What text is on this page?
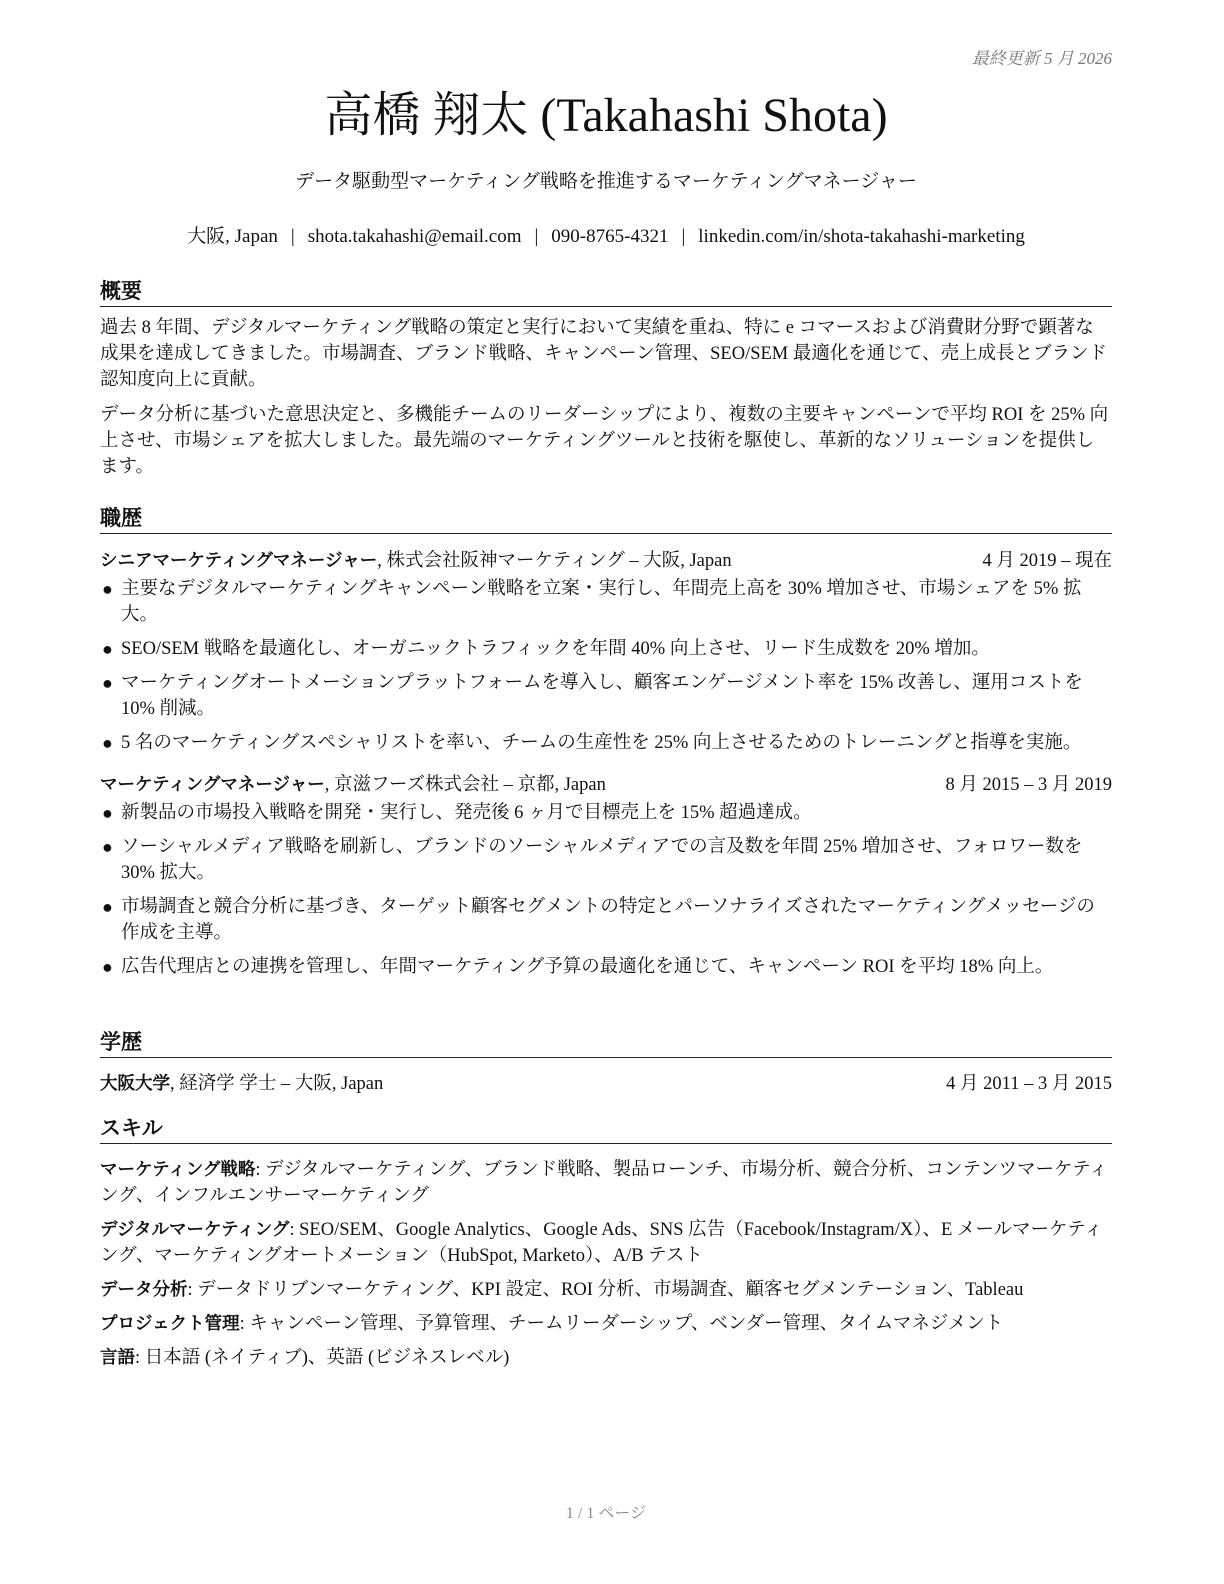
最終更新 5 月 2026
高橋 翔太 (Takahashi Shota)
データ駆動型マーケティング戦略を推進するマーケティングマネージャー
大阪, Japan | shota.takahashi@email.com | 090-8765-4321 | linkedin.com/in/shota-takahashi-marketing
概要

過去 8 年間、デジタルマーケティング戦略の策定と実行において実績を重ね、特に e コマースおよび消費財分野で顕著な成果を達成してきました。市場調査、ブランド戦略、キャンペーン管理、SEO/SEM 最適化を通じて、売上成長とブランド認知度向上に貢献。

データ分析に基づいた意思決定と、多機能チームのリーダーシップにより、複数の主要キャンペーンで平均 ROI を 25% 向上させ、市場シェアを拡大しました。最先端のマーケティングツールと技術を駆使し、革新的なソリューションを提供します。

職歴
シニアマーケティングマネージャー, 株式会社阪神マーケティング – 大阪, Japan	4 月 2019 – 現在
● 主要なデジタルマーケティングキャンペーン戦略を立案・実行し、年間売上高を 30% 増加させ、市場シェアを 5% 拡大。
● SEO/SEM 戦略を最適化し、オーガニックトラフィックを年間 40% 向上させ、リード生成数を 20% 増加。
● マーケティングオートメーションプラットフォームを導入し、顧客エンゲージメント率を 15% 改善し、運用コストを 10% 削減。
● 5 名のマーケティングスペシャリストを率い、チームの生産性を 25% 向上させるためのトレーニングと指導を実施。
マーケティングマネージャー, 京滋フーズ株式会社 – 京都, Japan	8 月 2015 – 3 月 2019
● 新製品の市場投入戦略を開発・実行し、発売後 6 ヶ月で目標売上を 15% 超過達成。
● ソーシャルメディア戦略を刷新し、ブランドのソーシャルメディアでの言及数を年間 25% 増加させ、フォロワー数を 30% 拡大。
● 市場調査と競合分析に基づき、ターゲット顧客セグメントの特定とパーソナライズされたマーケティングメッセージの作成を主導。
● 広告代理店との連携を管理し、年間マーケティング予算の最適化を通じて、キャンペーン ROI を平均 18% 向上。
学歴
大阪大学, 経済学 学士 – 大阪, Japan	4 月 2011 – 3 月 2015
スキル
マーケティング戦略: デジタルマーケティング、ブランド戦略、製品ローンチ、市場分析、競合分析、コンテンツマーケティング、インフルエンサーマーケティング
デジタルマーケティング: SEO/SEM、Google Analytics、Google Ads、SNS 広告（Facebook/Instagram/X）、E メールマーケティング、マーケティングオートメーション（HubSpot, Marketo）、A/B テスト
データ分析: データドリブンマーケティング、KPI 設定、ROI 分析、市場調査、顧客セグメンテーション、Tableau
プロジェクト管理: キャンペーン管理、予算管理、チームリーダーシップ、ベンダー管理、タイムマネジメント
言語: 日本語 (ネイティブ)、英語 (ビジネスレベル)
1 / 1 ページ
